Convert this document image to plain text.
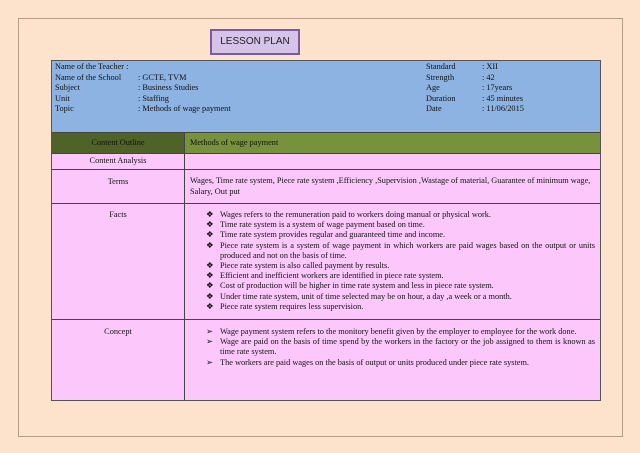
LESSON PLAN
Name of the Teacher :
Name of the School : GCTE, TVM
Subject	: Business Studies
Unit	: Staffing
Topic	: Methods of wage payment
Standard	: XII
Strength	: 42
Age	: 17years
Duration	: 45 minutes
Date	: 11/06/2015
Content Outline	Methods of wage payment
Content Analysis
Terms	Wages, Time rate system, Piece rate system ,Efficiency ,Supervision ,Wastage of material, Guarantee of minimum wage, Salary, Out put
Facts	❖ Wages refers to the remuneration paid to workers doing manual or physical work.
❖ Time rate system is a system of wage payment based on time.
❖ Time rate system provides regular and guaranteed time and income.
❖ Piece rate system is a system of wage payment in which workers are paid wages based on the output or units produced and not on the basis of time.
❖ Piece rate system is also called payment by results.
❖ Efficient and inefficient workers are identified in piece rate system.
❖ Cost of production will be higher in time rate system and less in piece rate system.
❖ Under time rate system, unit of time selected may be on hour, a day ,a week or a month.
❖ Piece rate system requires less supervision.
Concept	➢ Wage payment system refers to the monitory benefit given by the employer to employee for the work done.
➢ Wage are paid on the basis of time spend by the workers in the factory or the job assigned to them is known as time rate system.
➢ The workers are paid wages on the basis of output or units produced under piece rate system.
